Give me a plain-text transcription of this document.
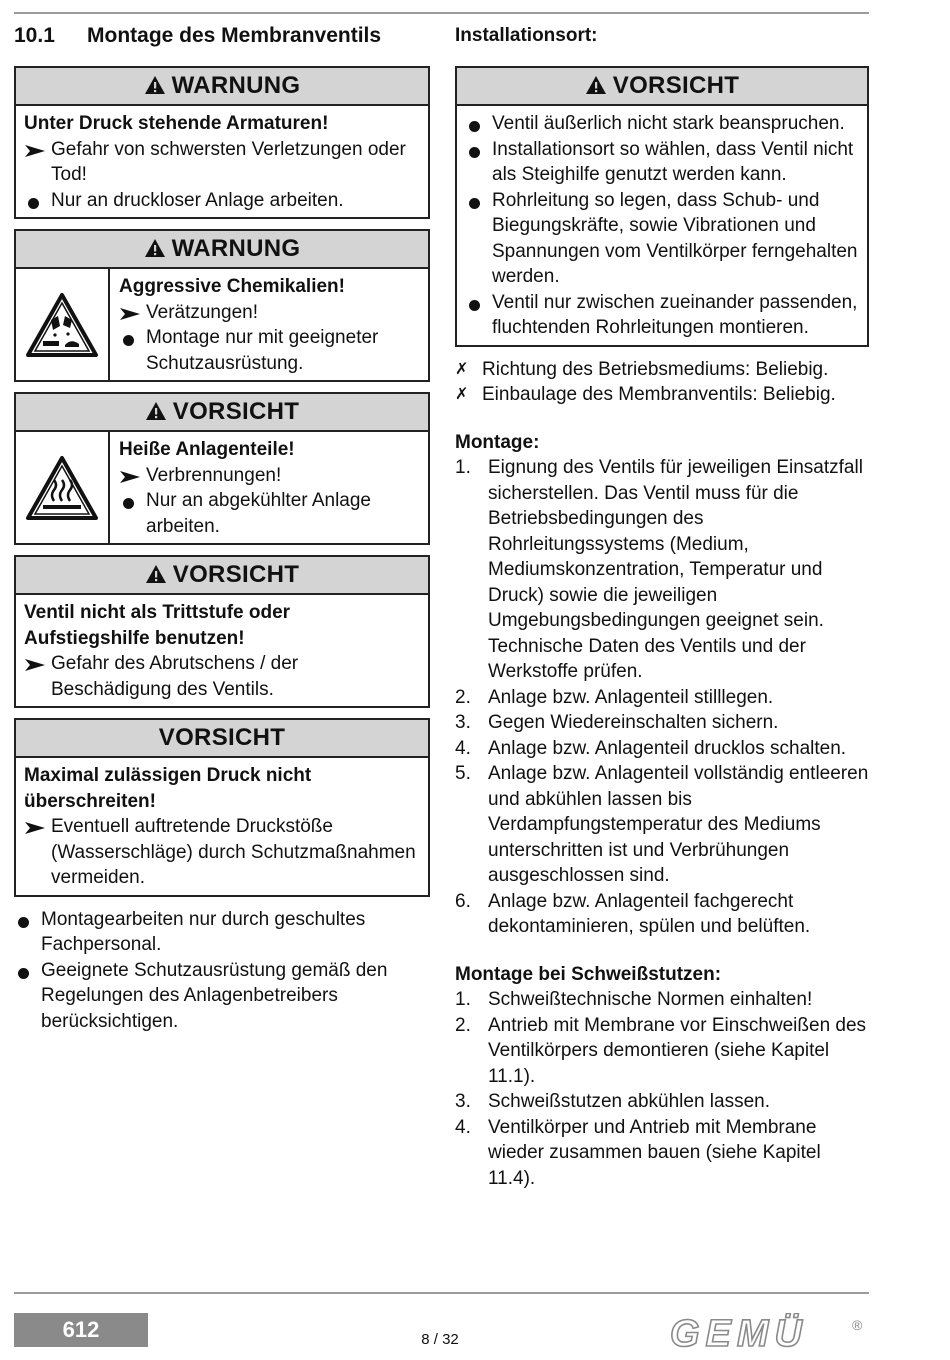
10.1 Montage des Membranventils
WARNUNG
Unter Druck stehende Armaturen!
Gefahr von schwersten Verletzungen oder Tod!
Nur an druckloser Anlage arbeiten.
WARNUNG
Aggressive Chemikalien!
Verätzungen!
Montage nur mit geeigneter Schutzausrüstung.
VORSICHT
Heiße Anlagenteile!
Verbrennungen!
Nur an abgekühlter Anlage arbeiten.
VORSICHT
Ventil nicht als Trittstufe oder Aufstiegshilfe benutzen!
Gefahr des Abrutschens / der Beschädigung des Ventils.
VORSICHT
Maximal zulässigen Druck nicht überschreiten!
Eventuell auftretende Druckstöße (Wasserschläge) durch Schutzmaßnahmen vermeiden.
Montagearbeiten nur durch geschultes Fachpersonal.
Geeignete Schutzausrüstung gemäß den Regelungen des Anlagenbetreibers berücksichtigen.
Installationsort:
VORSICHT
Ventil äußerlich nicht stark beanspruchen.
Installationsort so wählen, dass Ventil nicht als Steighilfe genutzt werden kann.
Rohrleitung so legen, dass Schub- und Biegungskräfte, sowie Vibrationen und Spannungen vom Ventilkörper ferngehalten werden.
Ventil nur zwischen zueinander passenden, fluchtenden Rohrleitungen montieren.
✗ Richtung des Betriebsmediums: Beliebig.
✗ Einbaulage des Membranventils: Beliebig.
Montage:
1. Eignung des Ventils für jeweiligen Einsatzfall sicherstellen. Das Ventil muss für die Betriebsbedingungen des Rohrleitungssystems (Medium, Mediumskonzentration, Temperatur und Druck) sowie die jeweiligen Umgebungsbedingungen geeignet sein. Technische Daten des Ventils und der Werkstoffe prüfen.
2. Anlage bzw. Anlagenteil stilllegen.
3. Gegen Wiedereinschalten sichern.
4. Anlage bzw. Anlagenteil drucklos schalten.
5. Anlage bzw. Anlagenteil vollständig entleeren und abkühlen lassen bis Verdampfungstemperatur des Mediums unterschritten ist und Verbrühungen ausgeschlossen sind.
6. Anlage bzw. Anlagenteil fachgerecht dekontaminieren, spülen und belüften.
Montage bei Schweißstutzen:
1. Schweißtechnische Normen einhalten!
2. Antrieb mit Membrane vor Einschweißen des Ventilkörpers demontieren (siehe Kapitel 11.1).
3. Schweißstutzen abkühlen lassen.
4. Ventilkörper und Antrieb mit Membrane wieder zusammen bauen (siehe Kapitel 11.4).
612	8 / 32	GEMÜ	®
